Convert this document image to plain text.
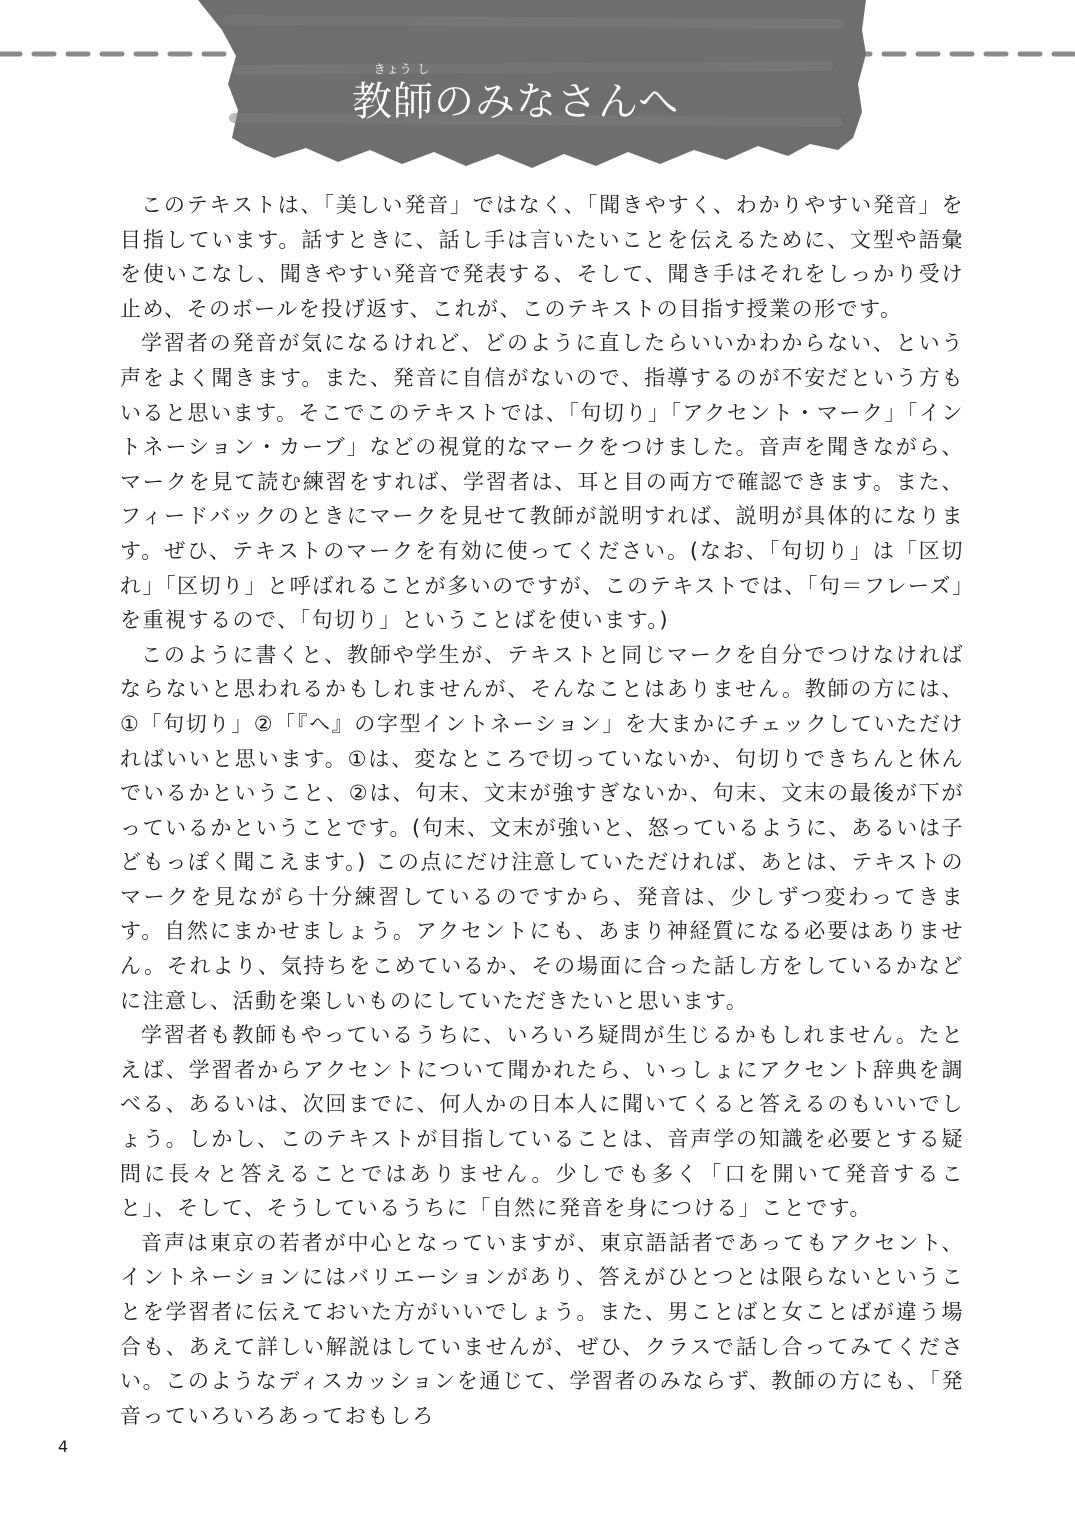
きょう し
教師のみなさんへ

このテキストは、「美しい発音」ではなく、「聞きやすく、わかりやすい発音」を目指しています。話すときに、話し手は言いたいことを伝えるために、文型や語彙を使いこなし、聞きやすい発音で発表する、そして、聞き手はそれをしっかり受け止め、そのボールを投げ返す、これが、このテキストの目指す授業の形です。

学習者の発音が気になるけれど、どのように直したらいいかわからない、という声をよく聞きます。また、発音に自信がないので、指導するのが不安だという方もいると思います。そこでこのテキストでは、「句切り」「アクセント・マーク」「イントネーション・カーブ」などの視覚的なマークをつけました。音声を聞きながら、マークを見て読む練習をすれば、学習者は、耳と目の両方で確認できます。また、フィードバックのときにマークを見せて教師が説明すれば、説明が具体的になります。ぜひ、テキストのマークを有効に使ってください。(なお、「句切り」は「区切れ」「区切り」と呼ばれることが多いのですが、このテキストでは、「句＝フレーズ」を重視するので、「句切り」ということばを使います。)

このように書くと、教師や学生が、テキストと同じマークを自分でつけなければならないと思われるかもしれませんが、そんなことはありません。教師の方には、①「句切り」②「『へ』の字型イントネーション」を大まかにチェックしていただければいいと思います。①は、変なところで切っていないか、句切りできちんと休んでいるかということ、②は、句末、文末が強すぎないか、句末、文末の最後が下がっているかということです。(句末、文末が強いと、怒っているように、あるいは子どもっぽく聞こえます。) この点にだけ注意していただければ、あとは、テキストのマークを見ながら十分練習しているのですから、発音は、少しずつ変わってきます。自然にまかせましょう。アクセントにも、あまり神経質になる必要はありません。それより、気持ちをこめているか、その場面に合った話し方をしているかなどに注意し、活動を楽しいものにしていただきたいと思います。

学習者も教師もやっているうちに、いろいろ疑問が生じるかもしれません。たとえば、学習者からアクセントについて聞かれたら、いっしょにアクセント辞典を調べる、あるいは、次回までに、何人かの日本人に聞いてくると答えるのもいいでしょう。しかし、このテキストが目指していることは、音声学の知識を必要とする疑問に長々と答えることではありません。少しでも多く「口を開いて発音すること」、そして、そうしているうちに「自然に発音を身につける」ことです。

音声は東京の若者が中心となっていますが、東京語話者であってもアクセント、イントネーションにはバリエーションがあり、答えがひとつとは限らないということを学習者に伝えておいた方がいいでしょう。また、男ことばと女ことばが違う場合も、あえて詳しい解説はしていませんが、ぜひ、クラスで話し合ってみてください。このようなディスカッションを通じて、学習者のみならず、教師の方にも、「発音っていろいろあっておもしろ

4
